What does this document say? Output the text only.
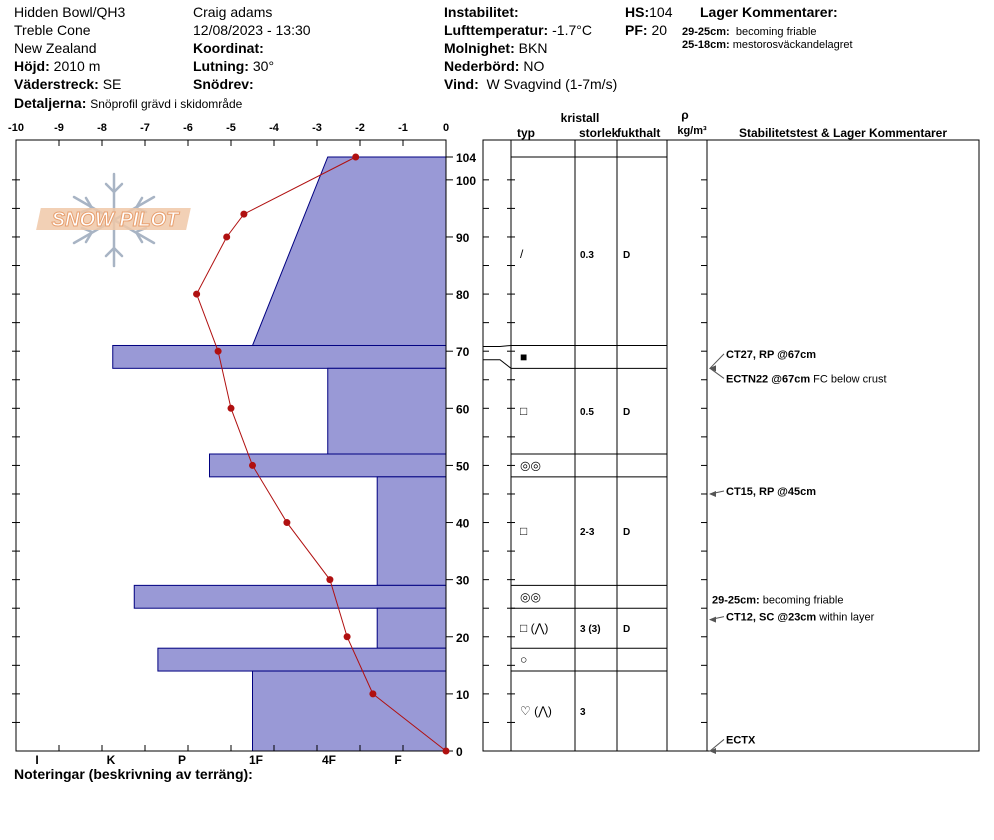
Hidden Bowl/QH3
Treble Cone
New Zealand
Höjd: 2010 m
Väderstreck: SE
Detaljerna: Snöprofil grävd i skidområde
Craig adams
12/08/2023 - 13:30
Koordinat:
Lutning: 30°
Snödrev:
Instabilitet:
Lufttemperatur: -1.7°C
Molnighet: BKN
Nederbörd: NO
Vind: W Svagvind (1-7m/s)
HS:104
PF: 20
Lager Kommentarer:
29-25cm: becoming friable
25-18cm: mestorosväckandelagret
Noteringar (beskrivning av terräng):
SNOW PILOT
kristall
typ	storlek
fukthalt
ρ
kg/m³	Stabilitetstest & Lager Kommentarer
-10	-9	-8	-7	-6	-5	-4	-3	-2	-1	0
I	K	P	1F	4F	F
104
100
90
80
70
60
50
40
30
20
10
0
/	0.3	D
■
□	0.5	D
◎◎
□	2-3	D
◎◎
□ (⋀)	3 (3) D
○
♡ (⋀)	3
CT27, RP @67cm
ECTN22 @67cm FC below crust
CT15, RP @45cm
29-25cm: becoming friable
CT12, SC @23cm within layer
ECTX
